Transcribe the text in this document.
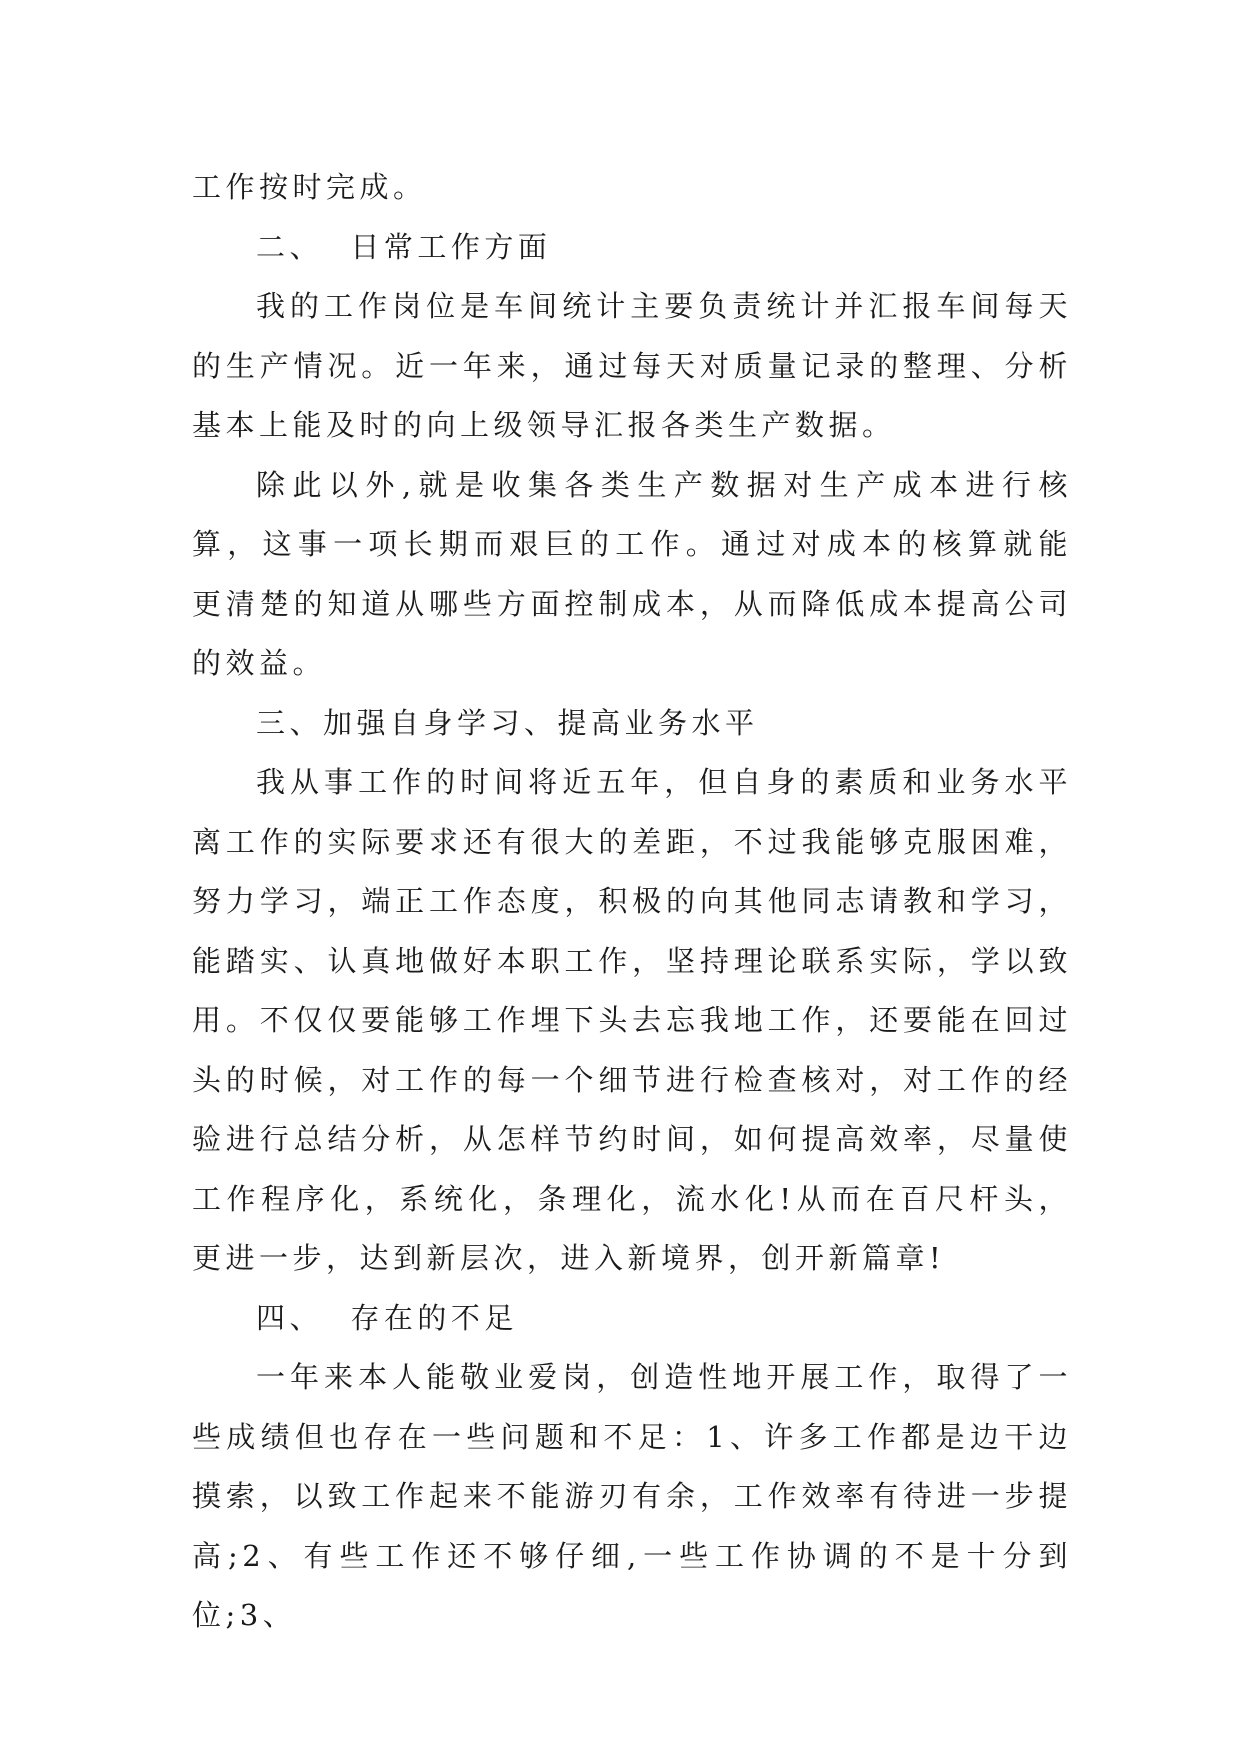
工作按时完成。

二、  日常工作方面

我的工作岗位是车间统计主要负责统计并汇报车间每天的生产情况。近一年来，通过每天对质量记录的整理、分析基本上能及时的向上级领导汇报各类生产数据。

除此以外,就是收集各类生产数据对生产成本进行核算，这事一项长期而艰巨的工作。通过对成本的核算就能 更清楚的知道从哪些方面控制成本，从而降低成本提高公司的效益。

三、加强自身学习、提高业务水平

我从事工作的时间将近五年，但自身的素质和业务水平离工作的实际要求还有很大的差距，不过我能够克服困难，努力学习，端正工作态度，积极的向其他同志请教和学习，能踏实、认真地做好本职工作，坚持理论联系实际，学以致用。不仅仅要能够工作埋下头去忘我地工作，还要能在回过头的时候，对工作的每一个细节进行检查核对，对工作的经验进行总结分析，从怎样节约时间，如何提高效率，尽量使工作程序化，系统化，条理化，流水化!从而在百尺杆头，更进一步，达到新层次，进入新境界，创开新篇章!

四、  存在的不足

一年来本人能敬业爱岗，创造性地开展工作，取得了一些成绩但也存在一些问题和不足：1、许多工作都是边干边摸索，以致工作起来不能游刃有余，工作效率有待进一步提高;2、有些工作还不够仔细,一些工作协调的不是十分到位;3、
